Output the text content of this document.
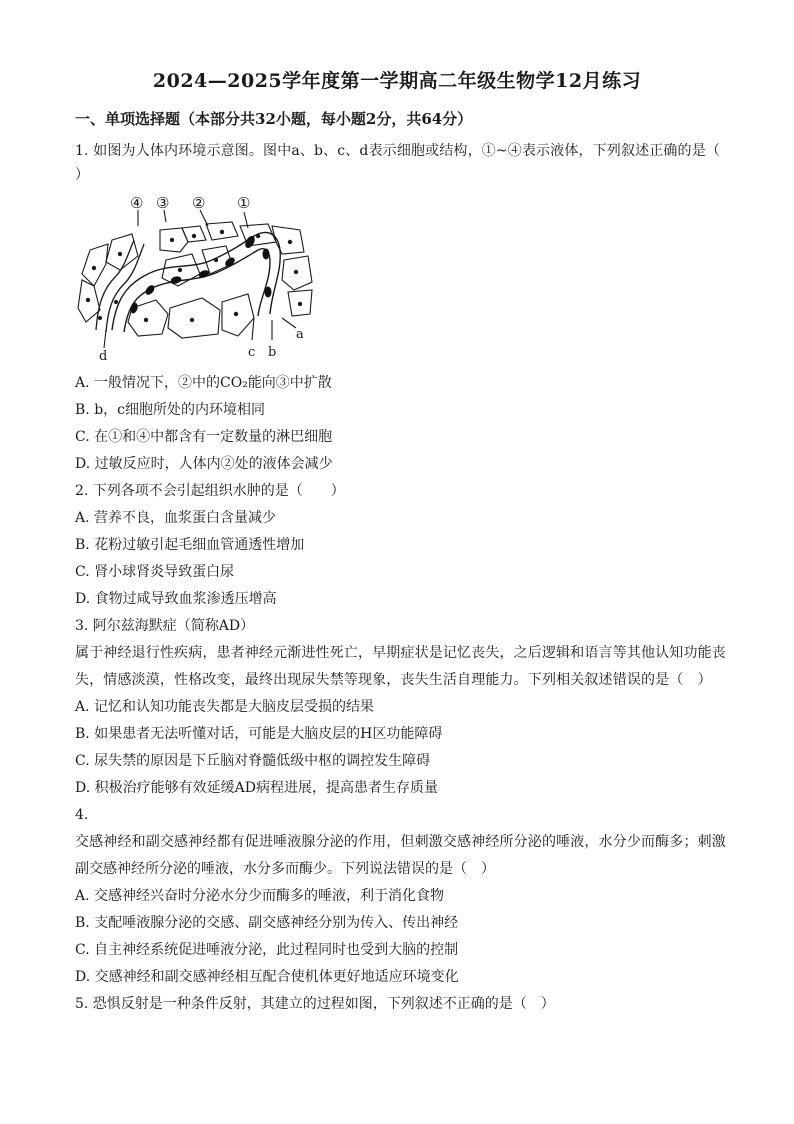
2024—2025学年度第一学期高二年级生物学12月练习
一、单项选择题（本部分共32小题，每小题2分，共64分）
1. 如图为人体内环境示意图。图中a、b、c、d表示细胞或结构，①~④表示液体，下列叙述正确的是（
）
④ ③ ② ①
d	c b
a
A. 一般情况下，②中的CO₂能向③中扩散
B. b，c细胞所处的内环境相同
C. 在①和④中都含有一定数量的淋巴细胞
D. 过敏反应时，人体内②处的液体会减少
2. 下列各项不会引起组织水肿的是（　　）
A. 营养不良，血浆蛋白含量减少
B. 花粉过敏引起毛细血管通透性增加
C. 肾小球肾炎导致蛋白尿
D. 食物过咸导致血浆渗透压增高
3. 阿尔兹海默症（简称AD）
属于神经退行性疾病，患者神经元渐进性死亡，早期症状是记忆丧失，之后逻辑和语言等其他认知功能丧
失，情感淡漠，性格改变，最终出现尿失禁等现象，丧失生活自理能力。下列相关叙述错误的是（　）
A. 记忆和认知功能丧失都是大脑皮层受损的结果
B. 如果患者无法听懂对话，可能是大脑皮层的H区功能障碍
C. 尿失禁的原因是下丘脑对脊髓低级中枢的调控发生障碍
D. 积极治疗能够有效延缓AD病程进展，提高患者生存质量
4.
交感神经和副交感神经都有促进唾液腺分泌的作用，但刺激交感神经所分泌的唾液，水分少而酶多；刺激
副交感神经所分泌的唾液，水分多而酶少。下列说法错误的是（　）
A. 交感神经兴奋时分泌水分少而酶多的唾液，利于消化食物
B. 支配唾液腺分泌的交感、副交感神经分别为传入、传出神经
C. 自主神经系统促进唾液分泌，此过程同时也受到大脑的控制
D. 交感神经和副交感神经相互配合使机体更好地适应环境变化
5. 恐惧反射是一种条件反射，其建立的过程如图，下列叙述不正确的是（　）
